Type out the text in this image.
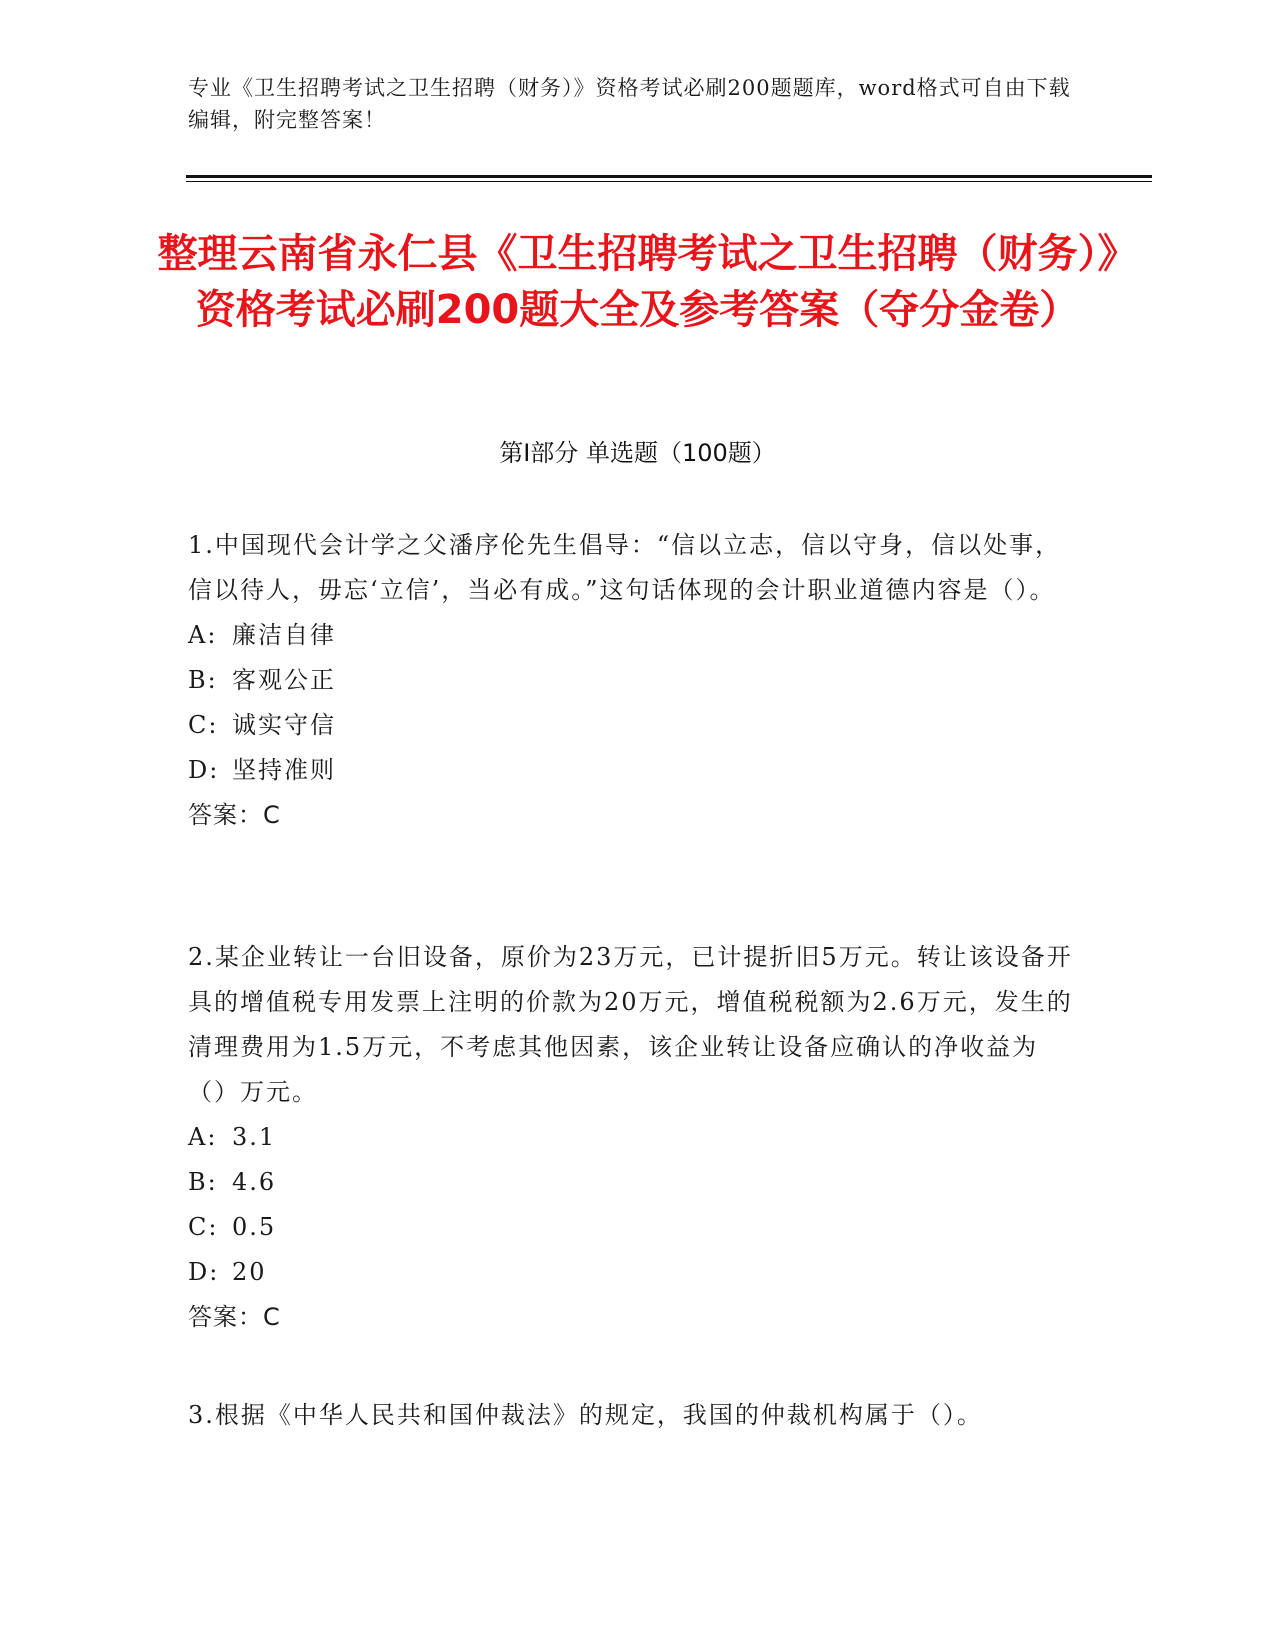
专业《卫生招聘考试之卫生招聘（财务）》资格考试必刷200题题库，word格式可自由下载编辑，附完整答案！
整理云南省永仁县《卫生招聘考试之卫生招聘（财务）》资格考试必刷200题大全及参考答案（夺分金卷）
第Ⅰ部分 单选题（100题）

1.中国现代会计学之父潘序伦先生倡导：“信以立志，信以守身，信以处事，信以待人，毋忘‘立信’，当必有成。”这句话体现的会计职业道德内容是（）。

A: 廉洁自律

B: 客观公正

C: 诚实守信

D: 坚持准则

答案：C

2.某企业转让一台旧设备，原价为23万元，已计提折旧5万元。转让该设备开具的增值税专用发票上注明的价款为20万元，增值税税额为2.6万元，发生的清理费用为1.5万元，不考虑其他因素，该企业转让设备应确认的净收益为（）万元。

A: 3.1

B: 4.6

C: 0.5

D: 20

答案：C

3.根据《中华人民共和国仲裁法》的规定，我国的仲裁机构属于（）。
